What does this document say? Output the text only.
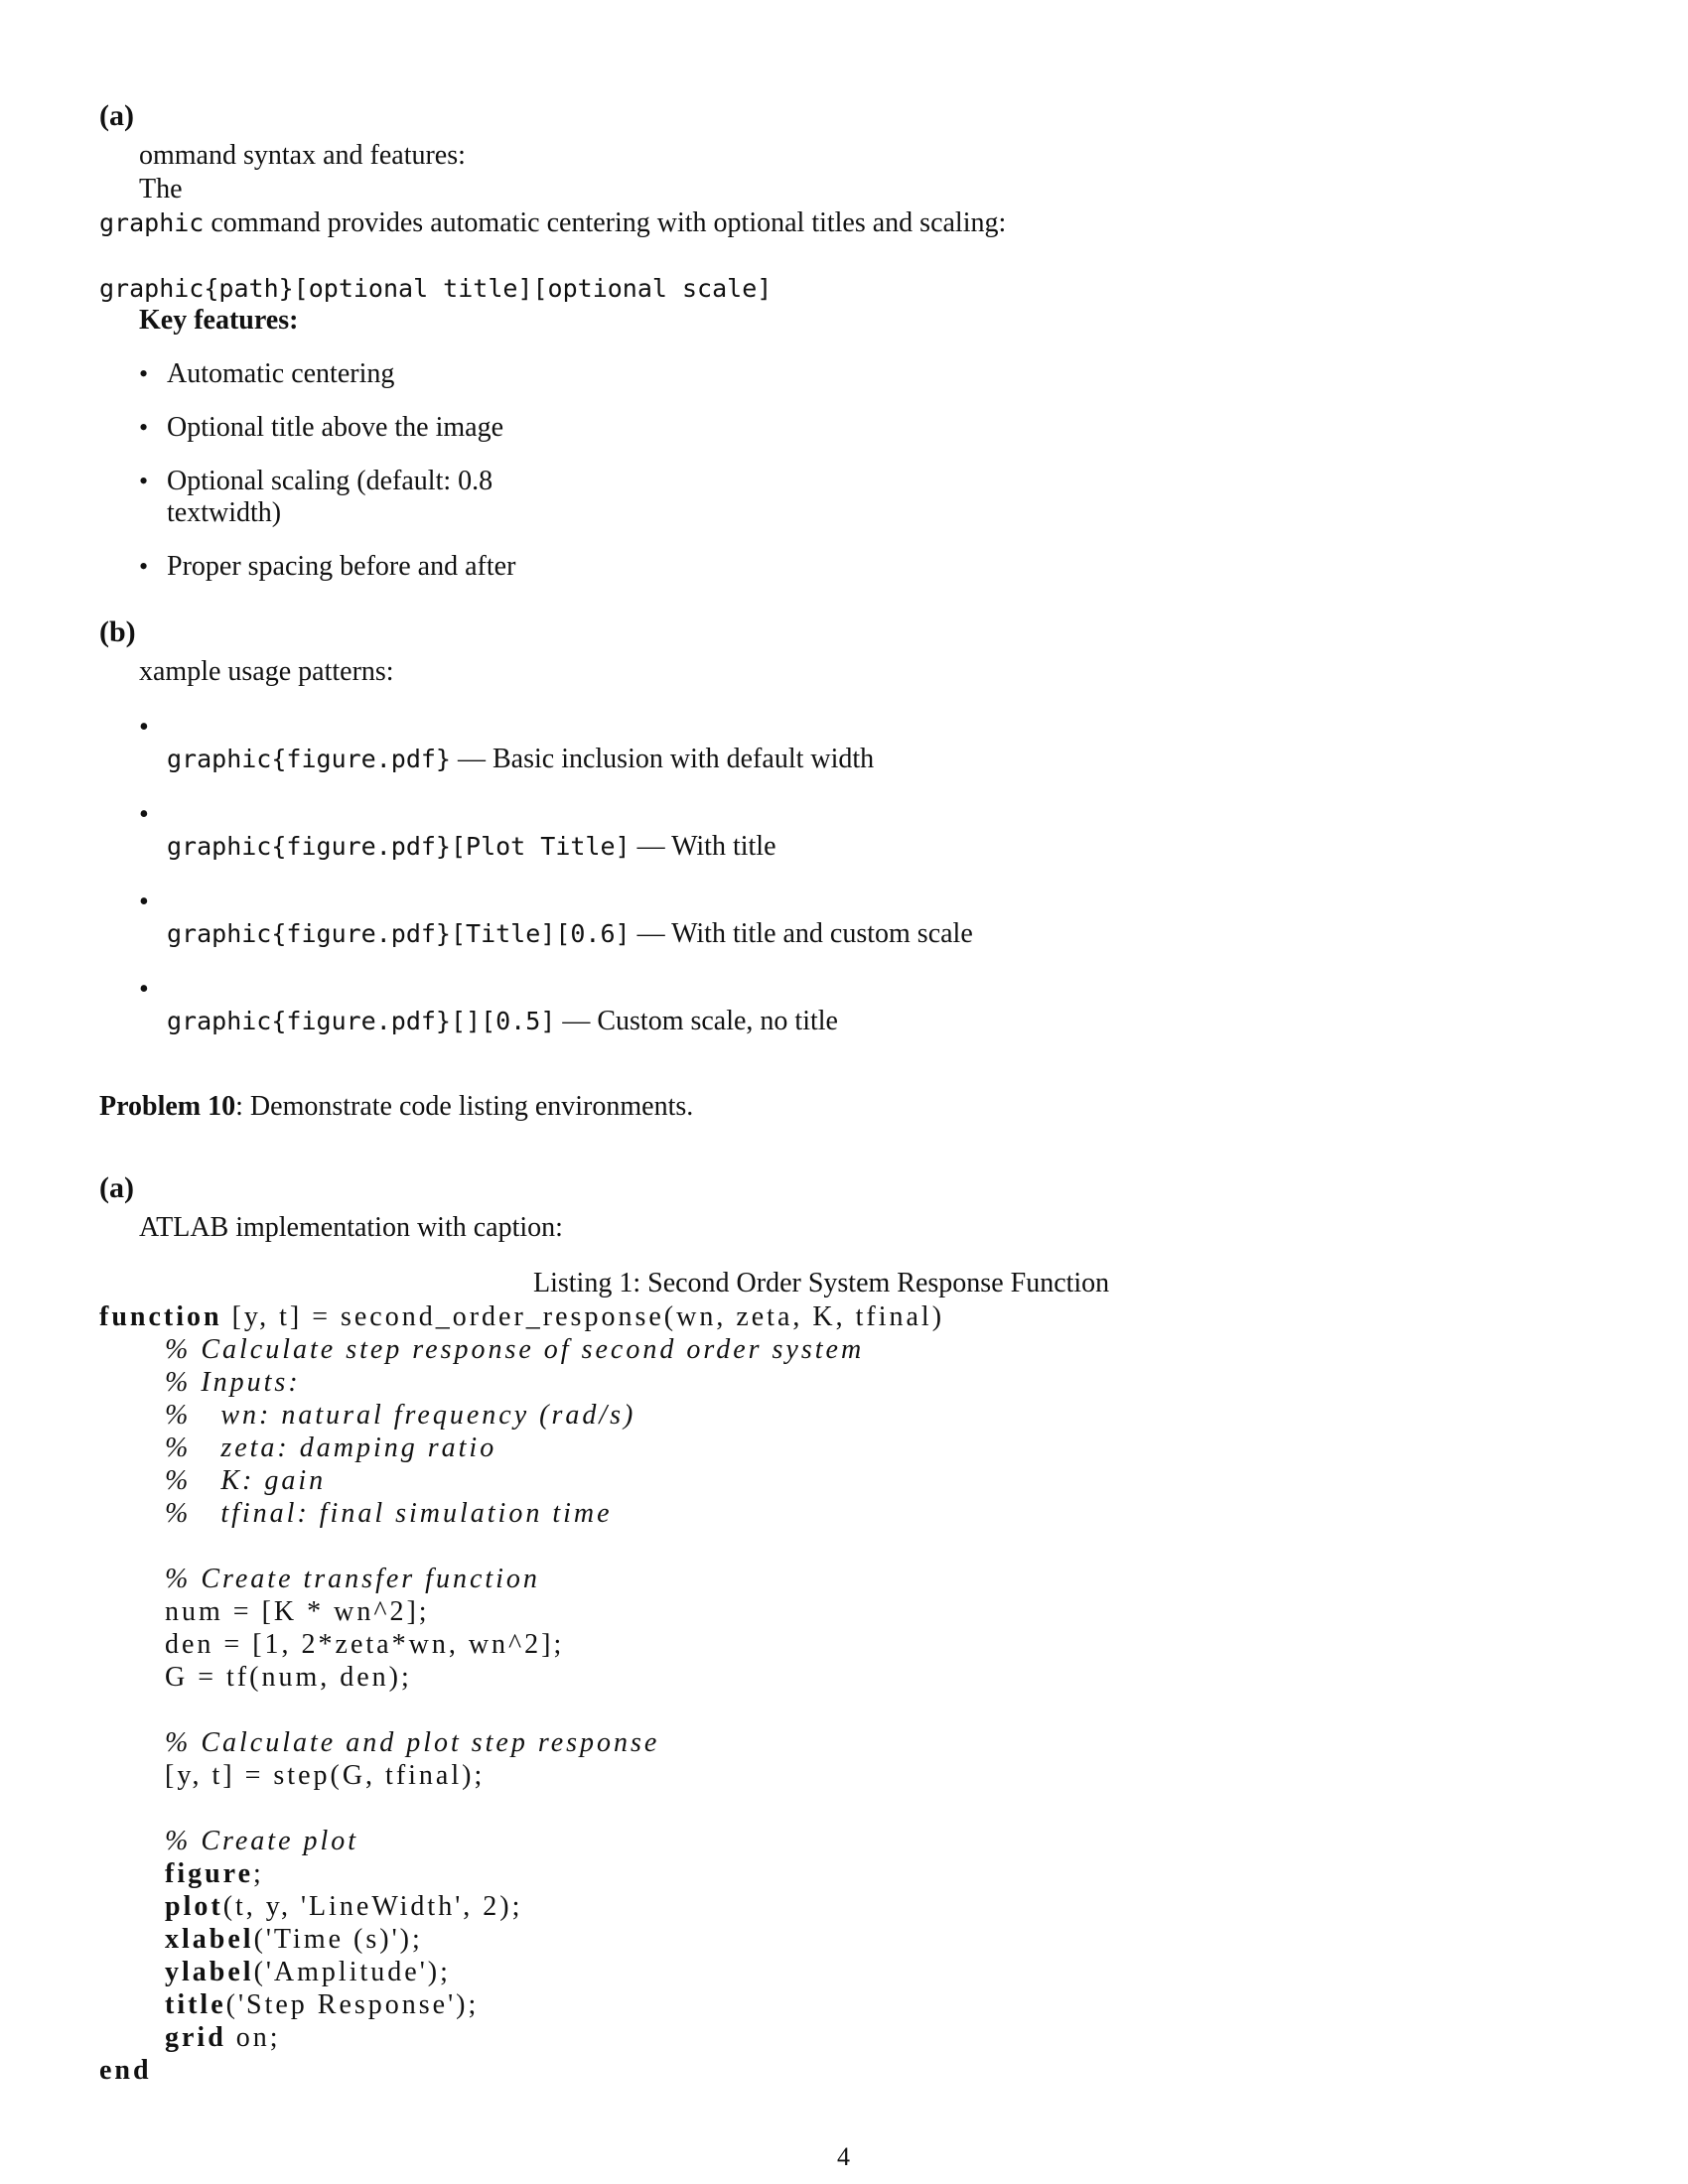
(a)
ommand syntax and features:
The
graphic command provides automatic centering with optional titles and scaling:
graphic{path}[optional title][optional scale]
Key features:
• Automatic centering
• Optional title above the image
• Optional scaling (default: 0.8
textwidth)
• Proper spacing before and after
(b)
xample usage patterns:
•
graphic{figure.pdf} — Basic inclusion with default width
•
graphic{figure.pdf}[Plot Title] — With title
•
graphic{figure.pdf}[Title][0.6] — With title and custom scale
•
graphic{figure.pdf}[][0.5] — Custom scale, no title
Problem 10: Demonstrate code listing environments.
(a)
ATLAB implementation with caption:
Listing 1: Second Order System Response Function
function [y, t] = second_order_response(wn, zeta, K, tfinal)
% Calculate step response of second order system
% Inputs:
%   wn: natural frequency (rad/s)
%   zeta: damping ratio
%   K: gain
%   tfinal: final simulation time
% Create transfer function
num = [K * wn^2];
den = [1, 2*zeta*wn, wn^2];
G = tf(num, den);
% Calculate and plot step response
[y, t] = step(G, tfinal);
% Create plot
figure;
plot(t, y, 'LineWidth', 2);
xlabel('Time (s)');
ylabel('Amplitude');
title('Step Response');
grid on;
end
4
